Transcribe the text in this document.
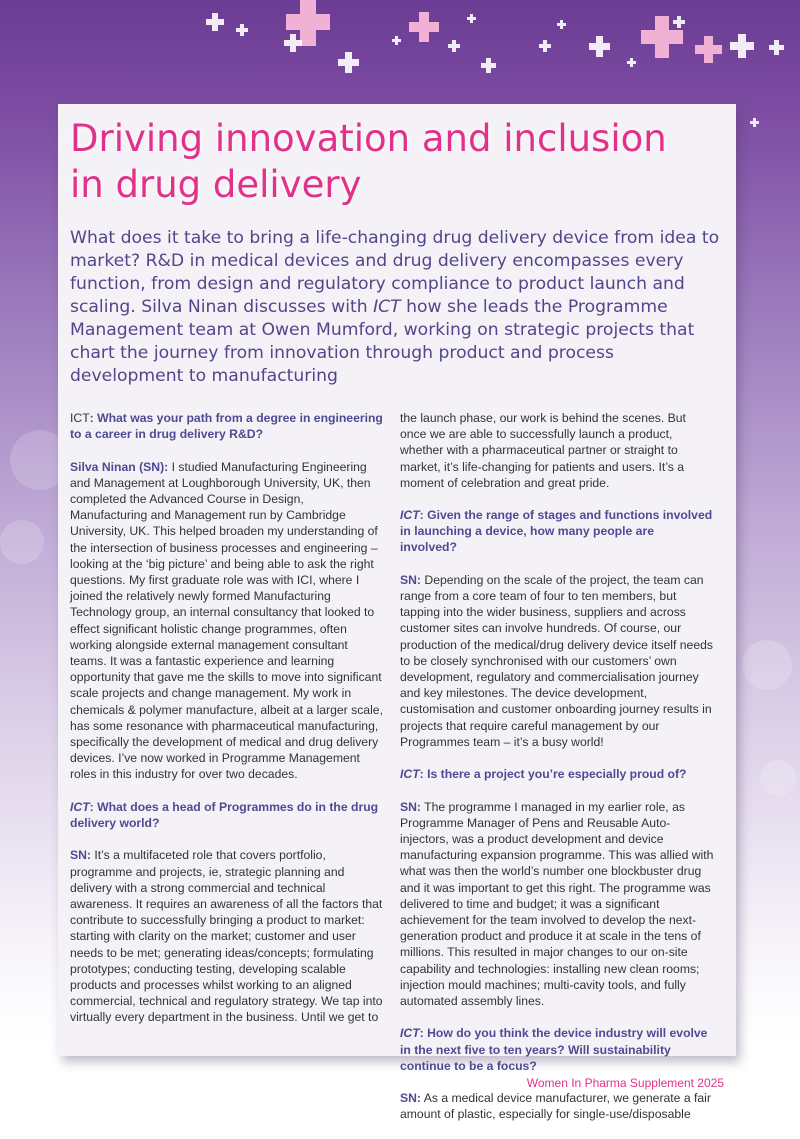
Driving innovation and inclusion
in drug delivery

What does it take to bring a life-changing drug delivery device from idea to market? R&D in medical devices and drug delivery encompasses every function, from design and regulatory compliance to product launch and scaling. Silva Ninan discusses with ICT how she leads the Programme Management team at Owen Mumford, working on strategic projects that chart the journey from innovation through product and process development to manufacturing

ICT: What was your path from a degree in engineering to a career in drug delivery R&D?

Silva Ninan (SN): I studied Manufacturing Engineering and Management at Loughborough University, UK, then completed the Advanced Course in Design, Manufacturing and Management run by Cambridge University, UK. This helped broaden my understanding of the intersection of business processes and engineering – looking at the ‘big picture’ and being able to ask the right questions. My first graduate role was with ICI, where I joined the relatively newly formed Manufacturing Technology group, an internal consultancy that looked to effect significant holistic change programmes, often working alongside external management consultant teams. It was a fantastic experience and learning opportunity that gave me the skills to move into significant scale projects and change management. My work in chemicals & polymer manufacture, albeit at a larger scale, has some resonance with pharmaceutical manufacturing, specifically the development of medical and drug delivery devices. I’ve now worked in Programme Management roles in this industry for over two decades.

ICT: What does a head of Programmes do in the drug delivery world?

SN: It’s a multifaceted role that covers portfolio, programme and projects, ie, strategic planning and delivery with a strong commercial and technical awareness. It requires an awareness of all the factors that contribute to successfully bringing a product to market: starting with clarity on the market; customer and user needs to be met; generating ideas/concepts; formulating prototypes; conducting testing, developing scalable products and processes whilst working to an aligned commercial, technical and regulatory strategy. We tap into virtually every department in the business. Until we get to

the launch phase, our work is behind the scenes. But once we are able to successfully launch a product, whether with a pharmaceutical partner or straight to market, it’s life-changing for patients and users. It’s a moment of celebration and great pride.

ICT: Given the range of stages and functions involved in launching a device, how many people are involved?

SN: Depending on the scale of the project, the team can range from a core team of four to ten members, but tapping into the wider business, suppliers and across customer sites can involve hundreds. Of course, our production of the medical/drug delivery device itself needs to be closely synchronised with our customers’ own development, regulatory and commercialisation journey and key milestones. The device development, customisation and customer onboarding journey results in projects that require careful management by our Programmes team – it’s a busy world!

ICT: Is there a project you’re especially proud of?

SN: The programme I managed in my earlier role, as Programme Manager of Pens and Reusable Auto-injectors, was a product development and device manufacturing expansion programme. This was allied with what was then the world’s number one blockbuster drug and it was important to get this right. The programme was delivered to time and budget; it was a significant achievement for the team involved to develop the next-generation product and produce it at scale in the tens of millions. This resulted in major changes to our on-site capability and technologies: installing new clean rooms; injection mould machines; multi-cavity tools, and fully automated assembly lines.

ICT: How do you think the device industry will evolve in the next five to ten years? Will sustainability continue to be a focus?

SN: As a medical device manufacturer, we generate a fair amount of plastic, especially for single-use/disposable

Women In Pharma Supplement 2025
